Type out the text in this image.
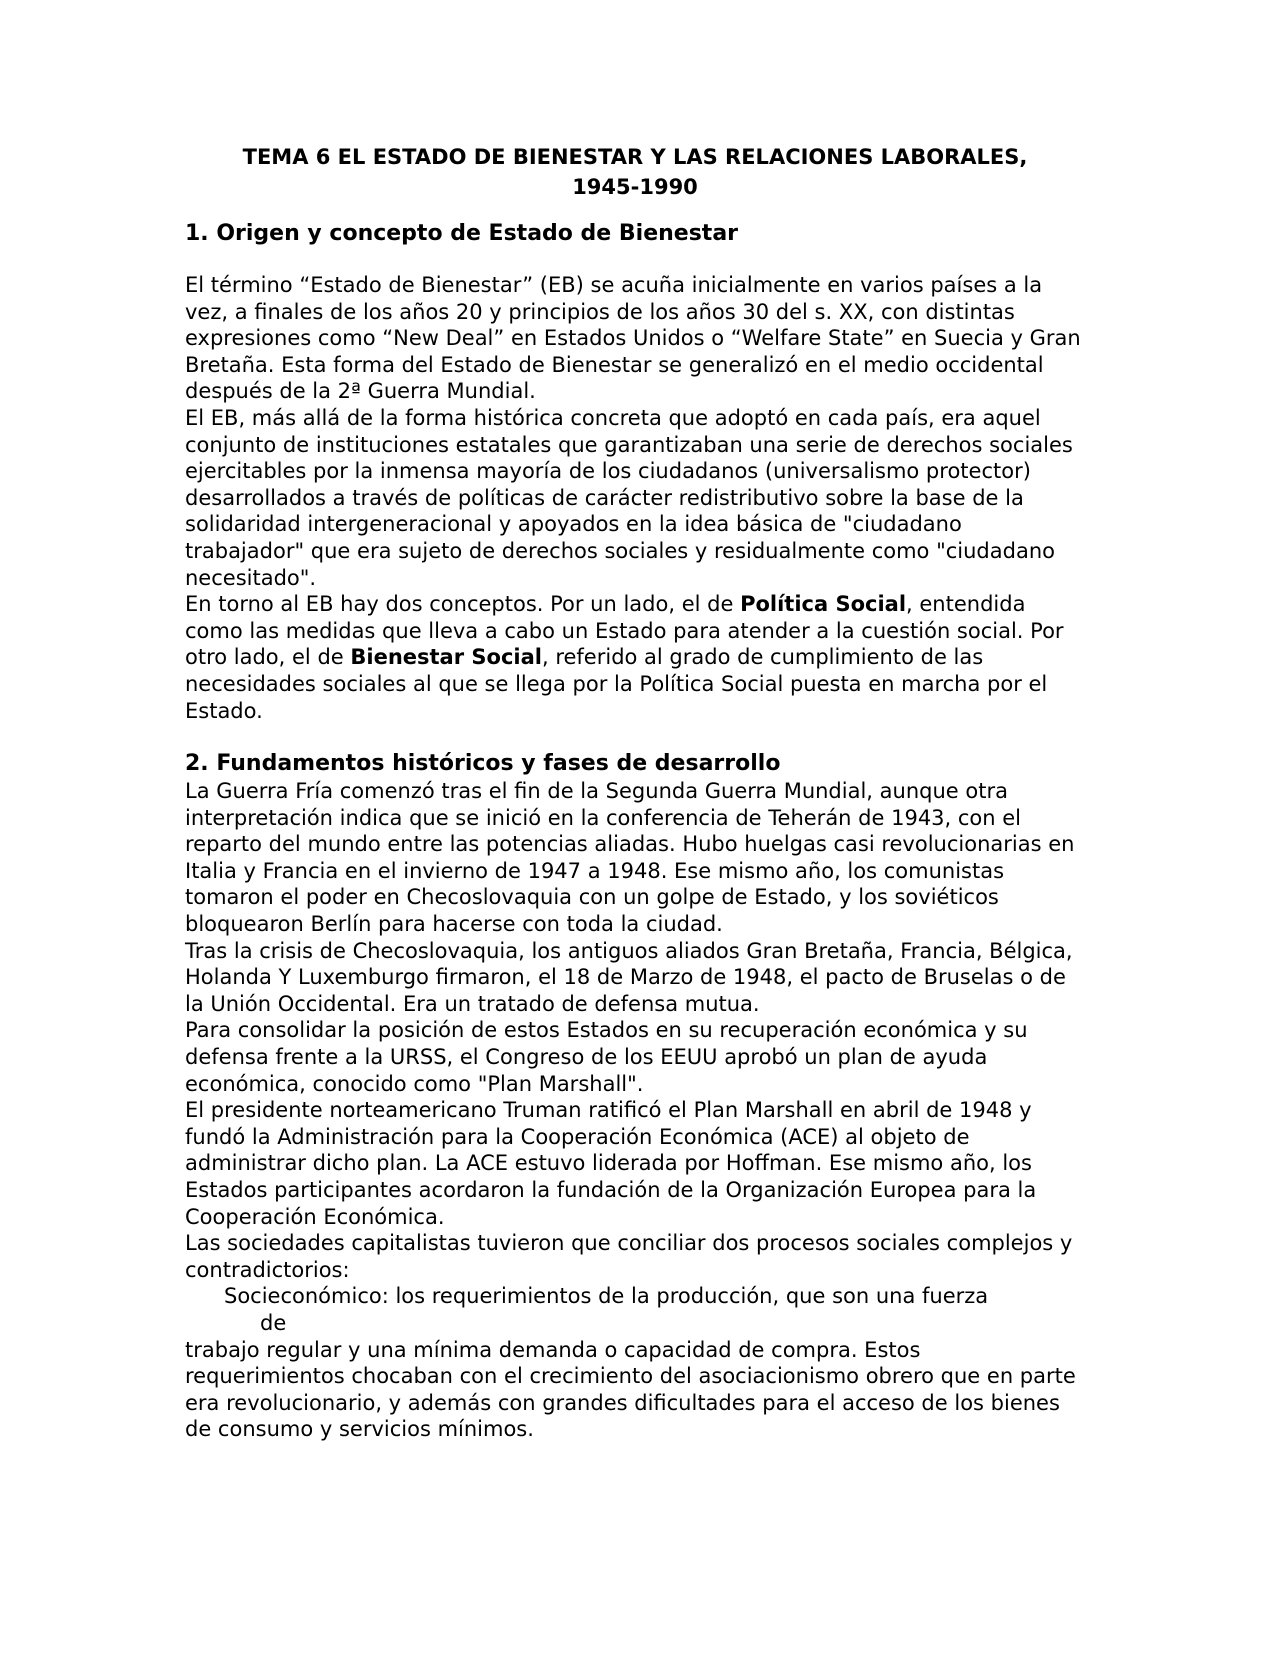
TEMA 6 EL ESTADO DE BIENESTAR Y LAS RELACIONES LABORALES,
1945-1990
1. Origen y concepto de Estado de Bienestar

El término “Estado de Bienestar” (EB) se acuña inicialmente en varios países a la vez, a finales de los años 20 y principios de los años 30 del s. XX, con distintas expresiones como “New Deal” en Estados Unidos o “Welfare State” en Suecia y Gran Bretaña. Esta forma del Estado de Bienestar se generalizó en el medio occidental después de la 2ª Guerra Mundial.

El EB, más allá de la forma histórica concreta que adoptó en cada país, era aquel conjunto de instituciones estatales que garantizaban una serie de derechos sociales ejercitables por la inmensa mayoría de los ciudadanos (universalismo protector) desarrollados a través de políticas de carácter redistributivo sobre la base de la solidaridad intergeneracional y apoyados en la idea básica de "ciudadano trabajador" que era sujeto de derechos sociales y residualmente como "ciudadano necesitado".

En torno al EB hay dos conceptos. Por un lado, el de Política Social, entendida como las medidas que lleva a cabo un Estado para atender a la cuestión social. Por otro lado, el de Bienestar Social, referido al grado de cumplimiento de las necesidades sociales al que se llega por la Política Social puesta en marcha por el Estado.

2. Fundamentos históricos y fases de desarrollo

La Guerra Fría comenzó tras el fin de la Segunda Guerra Mundial, aunque otra interpretación indica que se inició en la conferencia de Teherán de 1943, con el reparto del mundo entre las potencias aliadas. Hubo huelgas casi revolucionarias en Italia y Francia en el invierno de 1947 a 1948. Ese mismo año, los comunistas tomaron el poder en Checoslovaquia con un golpe de Estado, y los soviéticos bloquearon Berlín para hacerse con toda la ciudad.

Tras la crisis de Checoslovaquia, los antiguos aliados Gran Bretaña, Francia, Bélgica, Holanda Y Luxemburgo firmaron, el 18 de Marzo de 1948, el pacto de Bruselas o de la Unión Occidental. Era un tratado de defensa mutua.

Para consolidar la posición de estos Estados en su recuperación económica y su defensa frente a la URSS, el Congreso de los EEUU aprobó un plan de ayuda económica, conocido como "Plan Marshall".

El presidente norteamericano Truman ratificó el Plan Marshall en abril de 1948 y fundó la Administración para la Cooperación Económica (ACE) al objeto de administrar dicho plan. La ACE estuvo liderada por Hoffman. Ese mismo año, los Estados participantes acordaron la fundación de la Organización Europea para la Cooperación Económica.

Las sociedades capitalistas tuvieron que conciliar dos procesos sociales complejos y contradictorios:

Socieconómico: los requerimientos de la producción, que son una fuerza

de

trabajo regular y una mínima demanda o capacidad de compra. Estos requerimientos chocaban con el crecimiento del asociacionismo obrero que en parte era revolucionario, y además con grandes dificultades para el acceso de los bienes de consumo y servicios mínimos.
